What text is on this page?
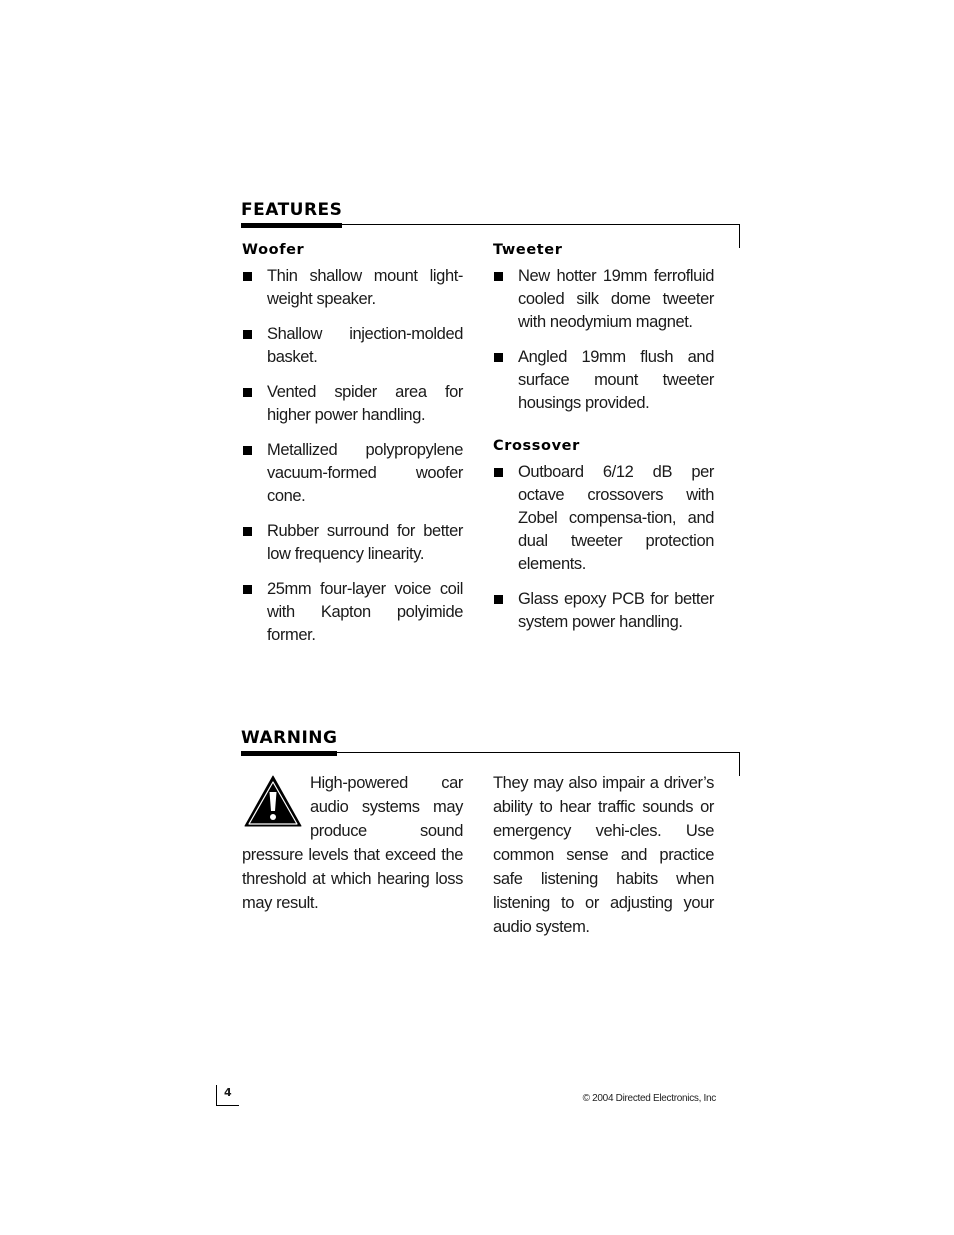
FEATURES
Woofer
Thin shallow mount light-weight speaker.
Shallow injection-molded basket.
Vented spider area for higher power handling.
Metallized polypropylene vacuum-formed woofer cone.
Rubber surround for better low frequency linearity.
25mm four-layer voice coil with Kapton polyimide former.
Tweeter
New hotter 19mm ferrofluid cooled silk dome tweeter with neodymium magnet.
Angled 19mm flush and surface mount tweeter housings provided.
Crossover
Outboard 6/12 dB per octave crossovers with Zobel compensa-tion, and dual tweeter protection elements.
Glass epoxy PCB for better system power handling.
WARNING

High-powered car audio systems may produce sound pressure levels that exceed the threshold at which hearing loss may result.

They may also impair a driver’s ability to hear traffic sounds or emergency vehi-cles. Use common sense and practice safe listening habits when listening to or adjusting your audio system.

4	© 2004 Directed Electronics, Inc
